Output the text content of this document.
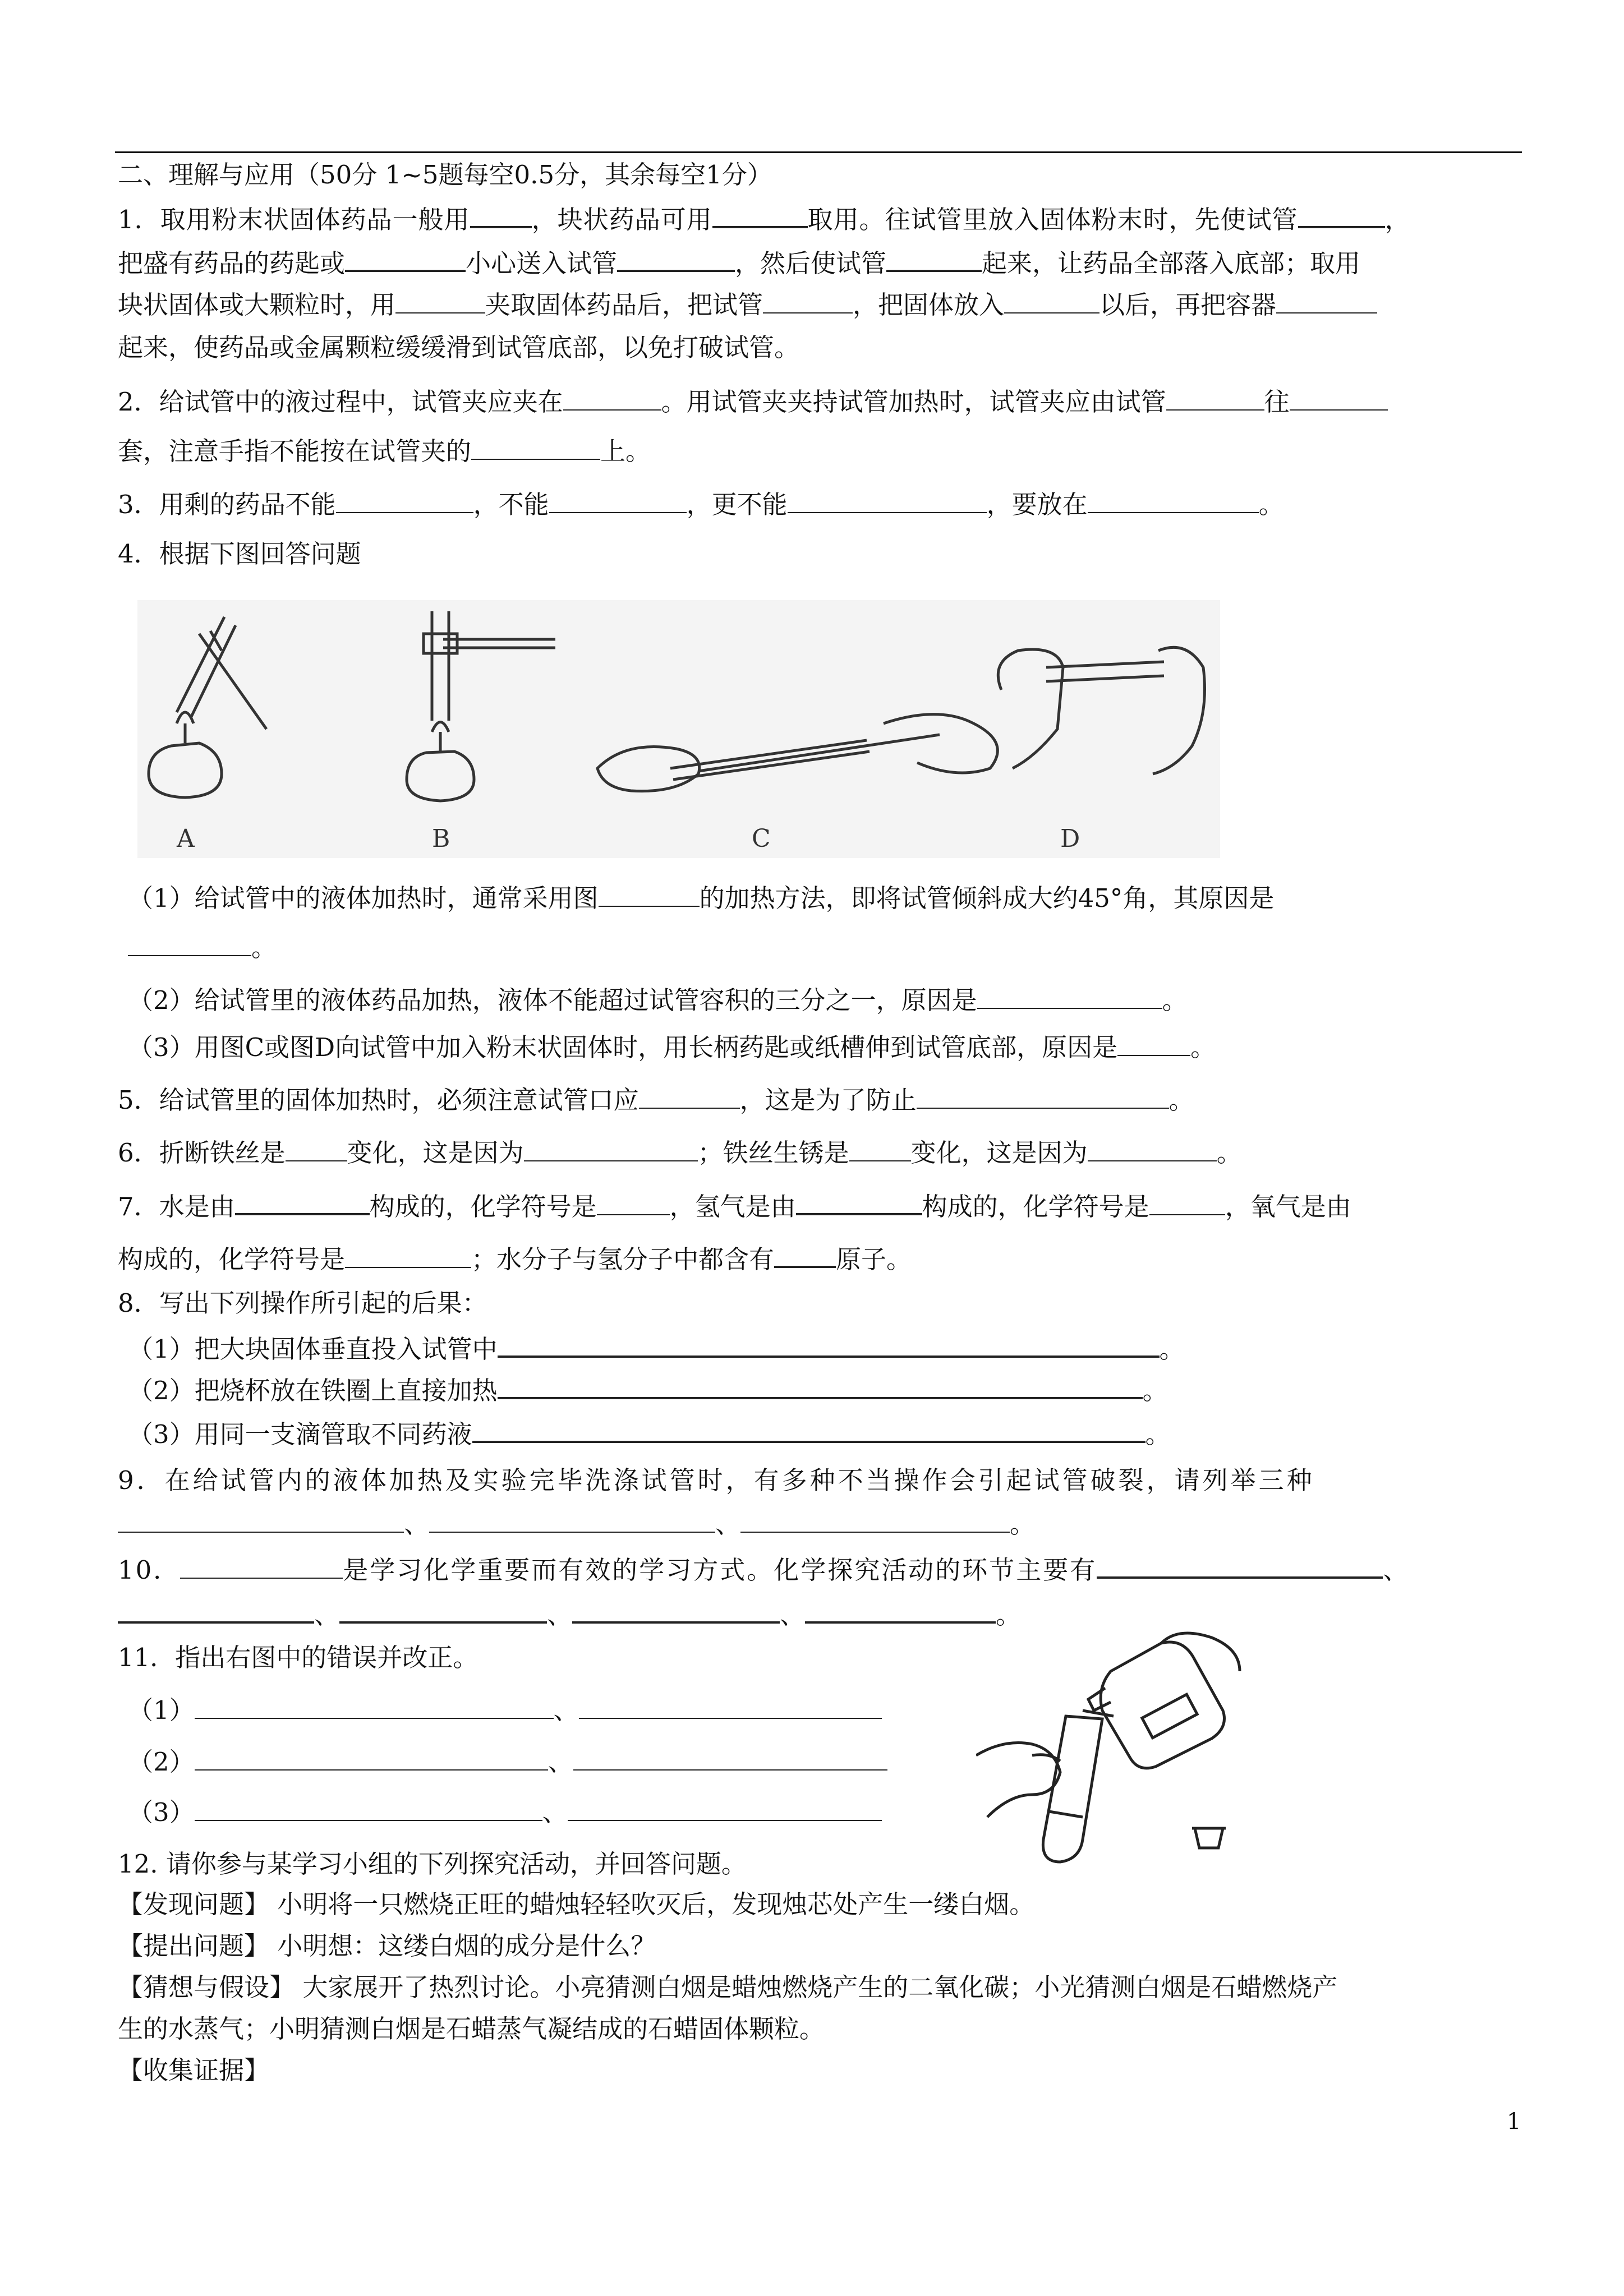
二、理解与应用（50分 1~5题每空0.5分，其余每空1分）
1．取用粉末状固体药品一般用 ，块状药品可用	取用。往试管里放入固体粉末时，先使试管	，
把盛有药品的药匙或	小心送入试管	，然后使试管	起来，让药品全部落入底部；取用
块状固体或大颗粒时，用	夹取固体药品后，把试管	，把固体放入	以后，再把容器
起来，使药品或金属颗粒缓缓滑到试管底部，以免打破试管。
2．给试管中的液过程中，试管夹应夹在	。用试管夹夹持试管加热时，试管夹应由试管	往
套，注意手指不能按在试管夹的	上。
3．用剩的药品不能	，不能	，更不能	，要放在	。
4．根据下图回答问题
A	B	C	D
（1）给试管中的液体加热时，通常采用图	的加热方法，即将试管倾斜成大约45°角，其原因是
。
（2）给试管里的液体药品加热，液体不能超过试管容积的三分之一，原因是	。
（3）用图C或图D向试管中加入粉末状固体时，用长柄药匙或纸槽伸到试管底部，原因是	。
5．给试管里的固体加热时，必须注意试管口应	，这是为了防止	。
6．折断铁丝是 变化，这是因为	；铁丝生锈是 变化，这是因为	。
7．水是由	构成的，化学符号是	，氢气是由	构成的，化学符号是	，氧气是由
构成的，化学符号是	；水分子与氢分子中都含有 原子。
8．写出下列操作所引起的后果：
（1）把大块固体垂直投入试管中	。
（2）把烧杯放在铁圈上直接加热	。
（3）用同一支滴管取不同药液	。
9．在给试管内的液体加热及实验完毕洗涤试管时，有多种不当操作会引起试管破裂，请列举三种
、	、	。
10．	是学习化学重要而有效的学习方式。化学探究活动的环节主要有	、
、	、	、	。
11．指出右图中的错误并改正。
（1）	、
（2）	、
（3）	、
12. 请你参与某学习小组的下列探究活动，并回答问题。
【发现问题】 小明将一只燃烧正旺的蜡烛轻轻吹灭后，发现烛芯处产生一缕白烟。
【提出问题】 小明想：这缕白烟的成分是什么？
【猜想与假设】 大家展开了热烈讨论。小亮猜测白烟是蜡烛燃烧产生的二氧化碳；小光猜测白烟是石蜡燃烧产
生的水蒸气；小明猜测白烟是石蜡蒸气凝结成的石蜡固体颗粒。
【收集证据】
1
